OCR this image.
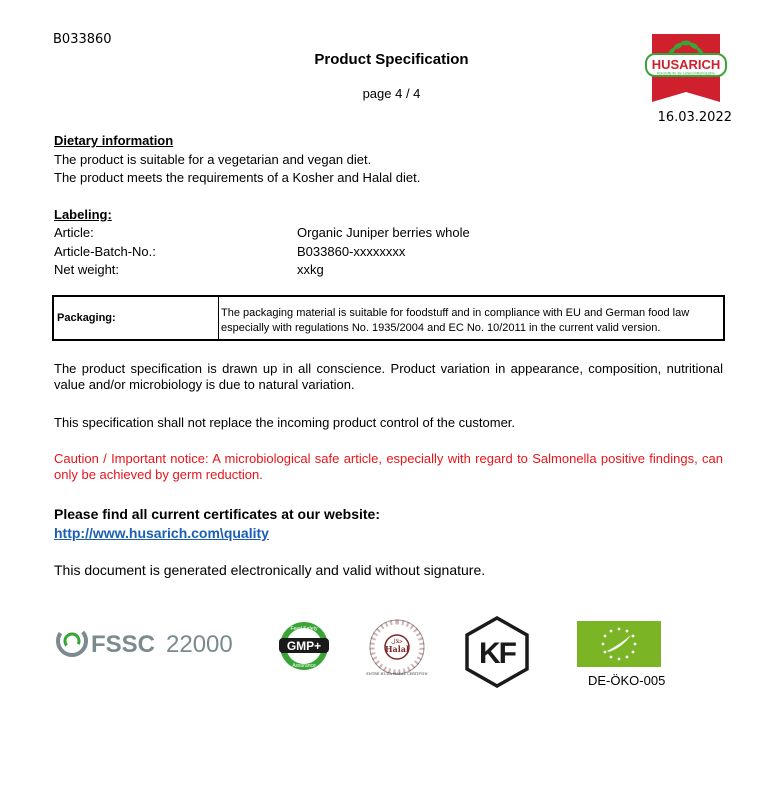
B033860
Product Specification
page 4 / 4
16.03.2022
HUSARICH
Rohstoffe für die Lebensmittelindustrie
Dietary information
The product is suitable for a vegetarian and vegan diet.
The product meets the requirements of a Kosher and Halal diet.
Labeling:
Article:	Organic Juniper berries whole
Article-Batch-No.:	B033860-xxxxxxxx
Net weight:	xxkg
Packaging:	The packaging material is suitable for foodstuff and in compliance with EU and German food law
especially with regulations No. 1935/2004 and EC No. 10/2011 in the current valid version.
The product specification is drawn up in all conscience. Product variation in appearance, composition, nutritional value and/or microbiology is due to natural variation.
This specification shall not replace the incoming product control of the customer.
Caution / Important notice: A microbiological safe article, especially with regard to Salmonella positive findings, can only be achieved by germ reduction.
Please find all current certificates at our website:
http://www.husarich.com\quality
This document is generated electronically and valid without signature.
FSSC 22000
Feed Safety
Assurance
GMP+	حلال
Halal
CENTRE HUDA HALAL CERTIFYING
KF
DE-ÖKO-005
